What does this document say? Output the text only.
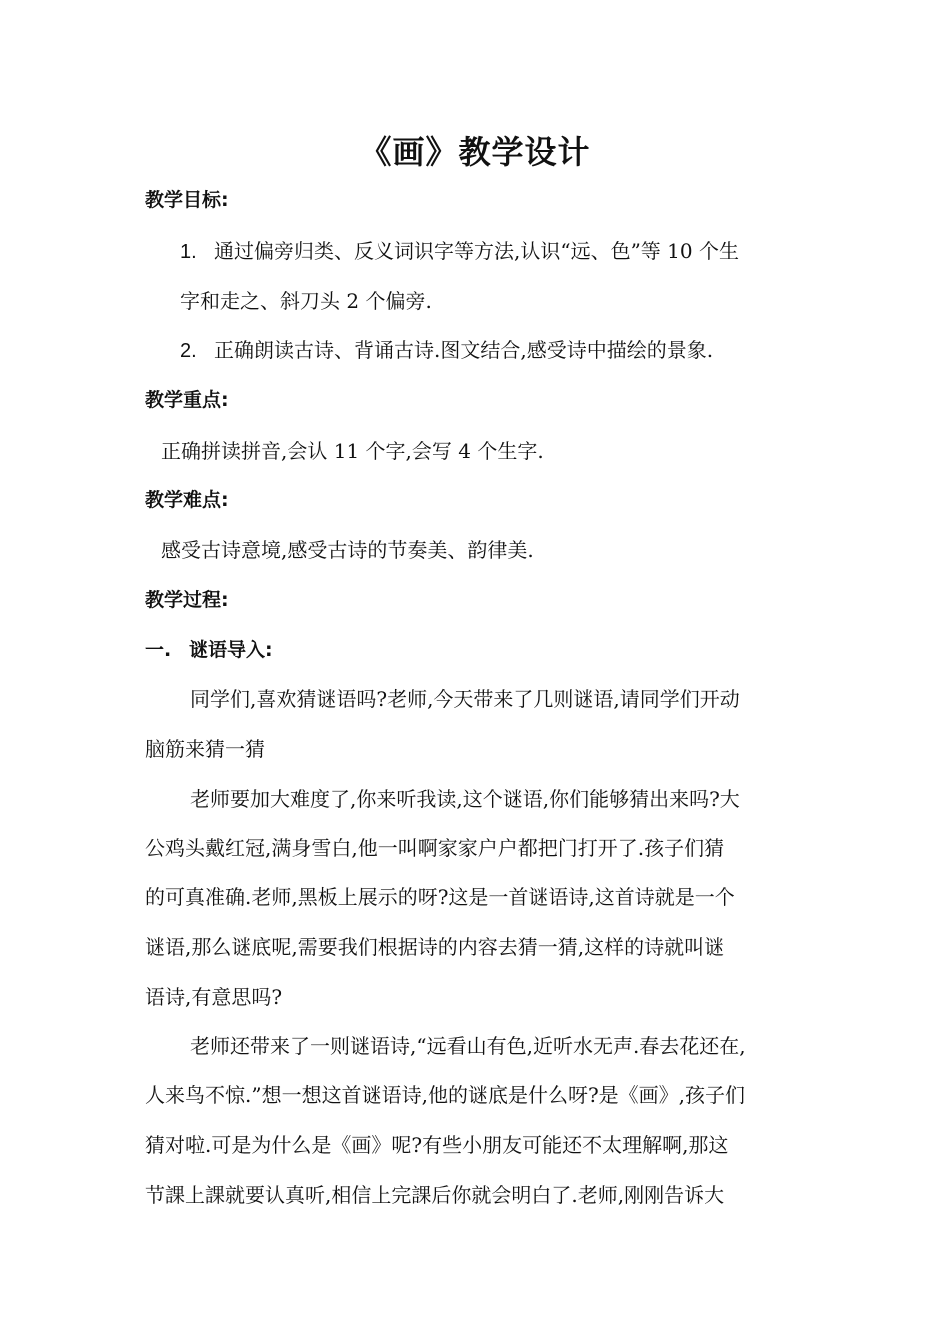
《画》教学设计
教学目标:
1. 通过偏旁归类、反义词识字等方法,认识“远、色”等 10 个生
字和走之、斜刀头 2 个偏旁.
2. 正确朗读古诗、背诵古诗.图文结合,感受诗中描绘的景象.
教学重点:
正确拼读拼音,会认 11 个字,会写 4 个生字.
教学难点:
感受古诗意境,感受古诗的节奏美、韵律美.
教学过程:
一. 谜语导入:
同学们,喜欢猜谜语吗?老师,今天带来了几则谜语,请同学们开动
脑筋来猜一猜
老师要加大难度了,你来听我读,这个谜语,你们能够猜出来吗?大
公鸡头戴红冠,满身雪白,他一叫啊家家户户都把门打开了.孩子们猜
的可真准确.老师,黑板上展示的呀?这是一首谜语诗,这首诗就是一个
谜语,那么谜底呢,需要我们根据诗的内容去猜一猜,这样的诗就叫谜
语诗,有意思吗?
老师还带来了一则谜语诗,“远看山有色,近听水无声.春去花还在,
人来鸟不惊.”想一想这首谜语诗,他的谜底是什么呀?是《画》,孩子们
猜对啦.可是为什么是《画》呢?有些小朋友可能还不太理解啊,那这
节課上課就要认真听,相信上完課后你就会明白了.老师,刚刚告诉大
